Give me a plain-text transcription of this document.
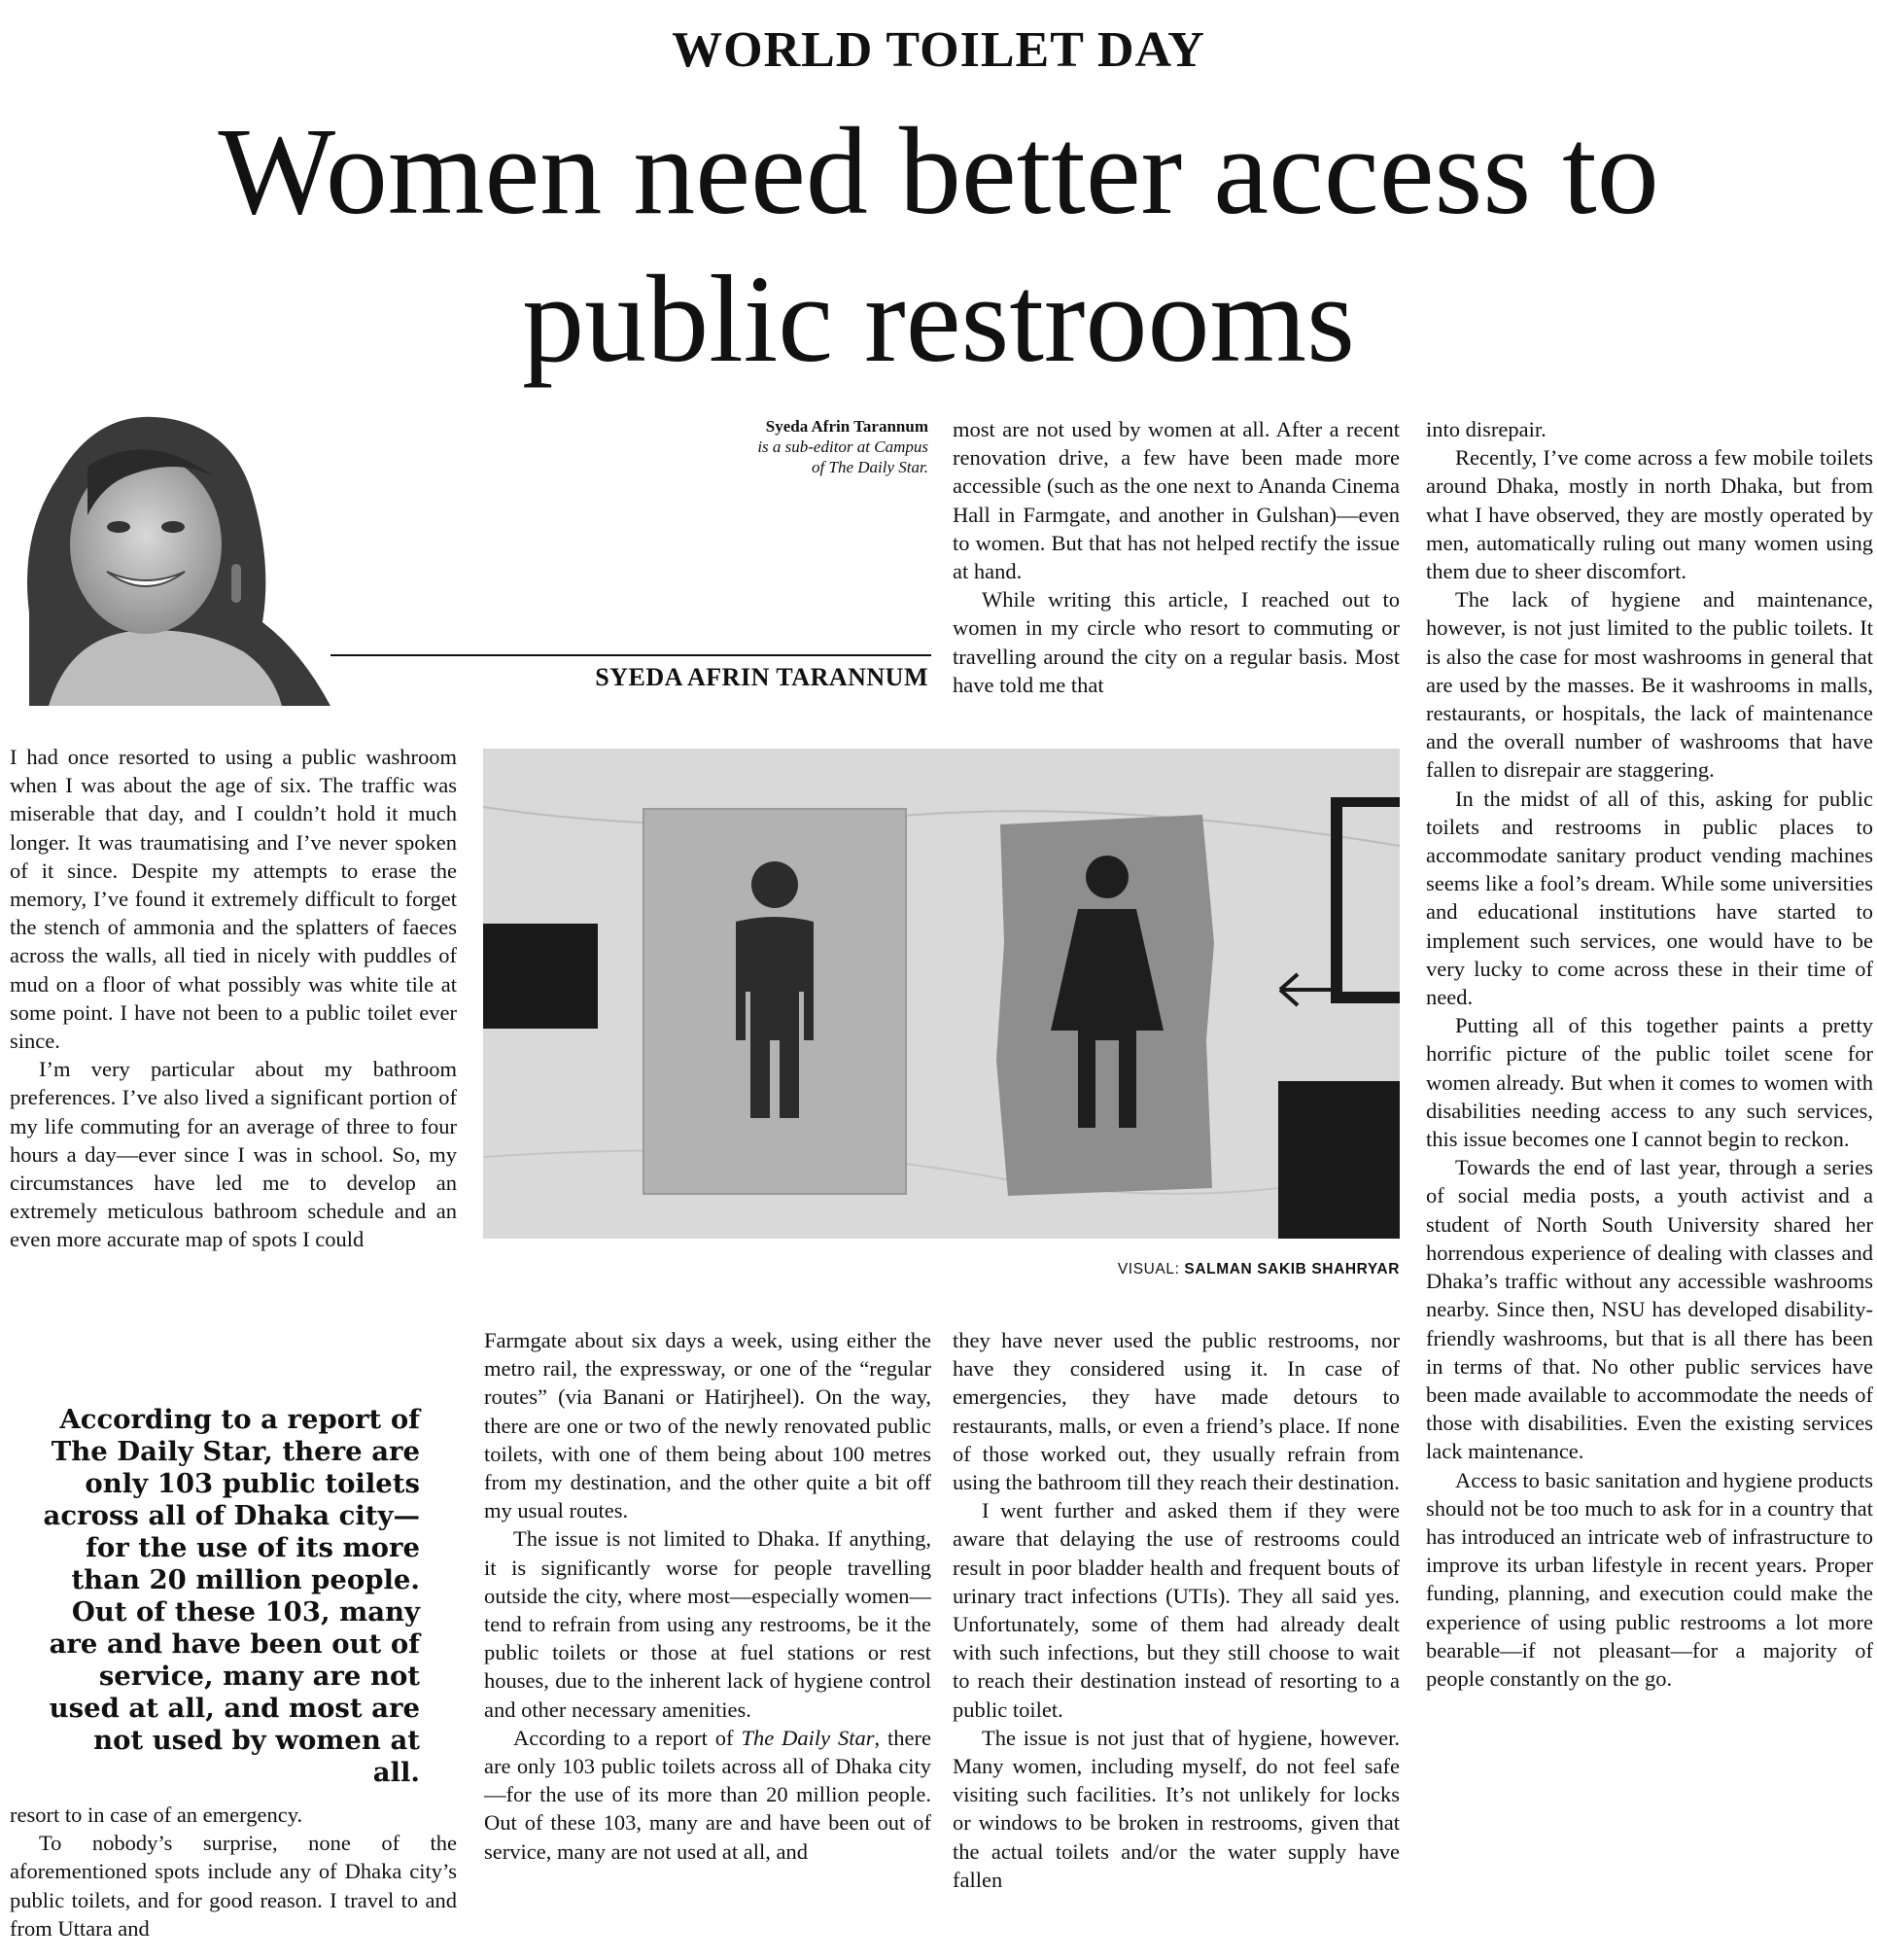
WORLD TOILET DAY
Women need better access to
public restrooms
Syeda Afrin Tarannum
is a sub-editor at Campus
of The Daily Star.
SYEDA AFRIN TARANNUM

I had once resorted to using a public washroom when I was about the age of six. The traffic was miserable that day, and I couldn’t hold it much longer. It was traumatising and I’ve never spoken of it since. Despite my attempts to erase the memory, I’ve found it extremely difficult to forget the stench of ammonia and the splatters of faeces across the walls, all tied in nicely with puddles of mud on a floor of what possibly was white tile at some point. I have not been to a public toilet ever since.

I’m very particular about my bathroom preferences. I’ve also lived a significant portion of my life commuting for an average of three to four hours a day—ever since I was in school. So, my circumstances have led me to develop an extremely meticulous bathroom schedule and an even more accurate map of spots I could

According to a report of The Daily Star, there are only 103 public toilets across all of Dhaka city— for the use of its more than 20 million people. Out of these 103, many are and have been out of service, many are not used at all, and most are not used by women at all.

resort to in case of an emergency.

To nobody’s surprise, none of the aforementioned spots include any of Dhaka city’s public toilets, and for good reason. I travel to and from Uttara and

most are not used by women at all. After a recent renovation drive, a few have been made more accessible (such as the one next to Ananda Cinema Hall in Farmgate, and another in Gulshan)—even to women. But that has not helped rectify the issue at hand.

While writing this article, I reached out to women in my circle who resort to commuting or travelling around the city on a regular basis. Most have told me that

VISUAL: SALMAN SAKIB SHAHRYAR

Farmgate about six days a week, using either the metro rail, the expressway, or one of the “regular routes” (via Banani or Hatirjheel). On the way, there are one or two of the newly renovated public toilets, with one of them being about 100 metres from my destination, and the other quite a bit off my usual routes.

The issue is not limited to Dhaka. If anything, it is significantly worse for people travelling outside the city, where most—especially women—tend to refrain from using any restrooms, be it the public toilets or those at fuel stations or rest houses, due to the inherent lack of hygiene control and other necessary amenities.

According to a report of The Daily Star, there are only 103 public toilets across all of Dhaka city—for the use of its more than 20 million people. Out of these 103, many are and have been out of service, many are not used at all, and

they have never used the public restrooms, nor have they considered using it. In case of emergencies, they have made detours to restaurants, malls, or even a friend’s place. If none of those worked out, they usually refrain from using the bathroom till they reach their destination.

I went further and asked them if they were aware that delaying the use of restrooms could result in poor bladder health and frequent bouts of urinary tract infections (UTIs). They all said yes. Unfortunately, some of them had already dealt with such infections, but they still choose to wait to reach their destination instead of resorting to a public toilet.

The issue is not just that of hygiene, however. Many women, including myself, do not feel safe visiting such facilities. It’s not unlikely for locks or windows to be broken in restrooms, given that the actual toilets and/or the water supply have fallen

into disrepair.

Recently, I’ve come across a few mobile toilets around Dhaka, mostly in north Dhaka, but from what I have observed, they are mostly operated by men, automatically ruling out many women using them due to sheer discomfort.

The lack of hygiene and maintenance, however, is not just limited to the public toilets. It is also the case for most washrooms in general that are used by the masses. Be it washrooms in malls, restaurants, or hospitals, the lack of maintenance and the overall number of washrooms that have fallen to disrepair are staggering.

In the midst of all of this, asking for public toilets and restrooms in public places to accommodate sanitary product vending machines seems like a fool’s dream. While some universities and educational institutions have started to implement such services, one would have to be very lucky to come across these in their time of need.

Putting all of this together paints a pretty horrific picture of the public toilet scene for women already. But when it comes to women with disabilities needing access to any such services, this issue becomes one I cannot begin to reckon.

Towards the end of last year, through a series of social media posts, a youth activist and a student of North South University shared her horrendous experience of dealing with classes and Dhaka’s traffic without any accessible washrooms nearby. Since then, NSU has developed disability-friendly washrooms, but that is all there has been in terms of that. No other public services have been made available to accommodate the needs of those with disabilities. Even the existing services lack maintenance.

Access to basic sanitation and hygiene products should not be too much to ask for in a country that has introduced an intricate web of infrastructure to improve its urban lifestyle in recent years. Proper funding, planning, and execution could make the experience of using public restrooms a lot more bearable—if not pleasant—for a majority of people constantly on the go.
